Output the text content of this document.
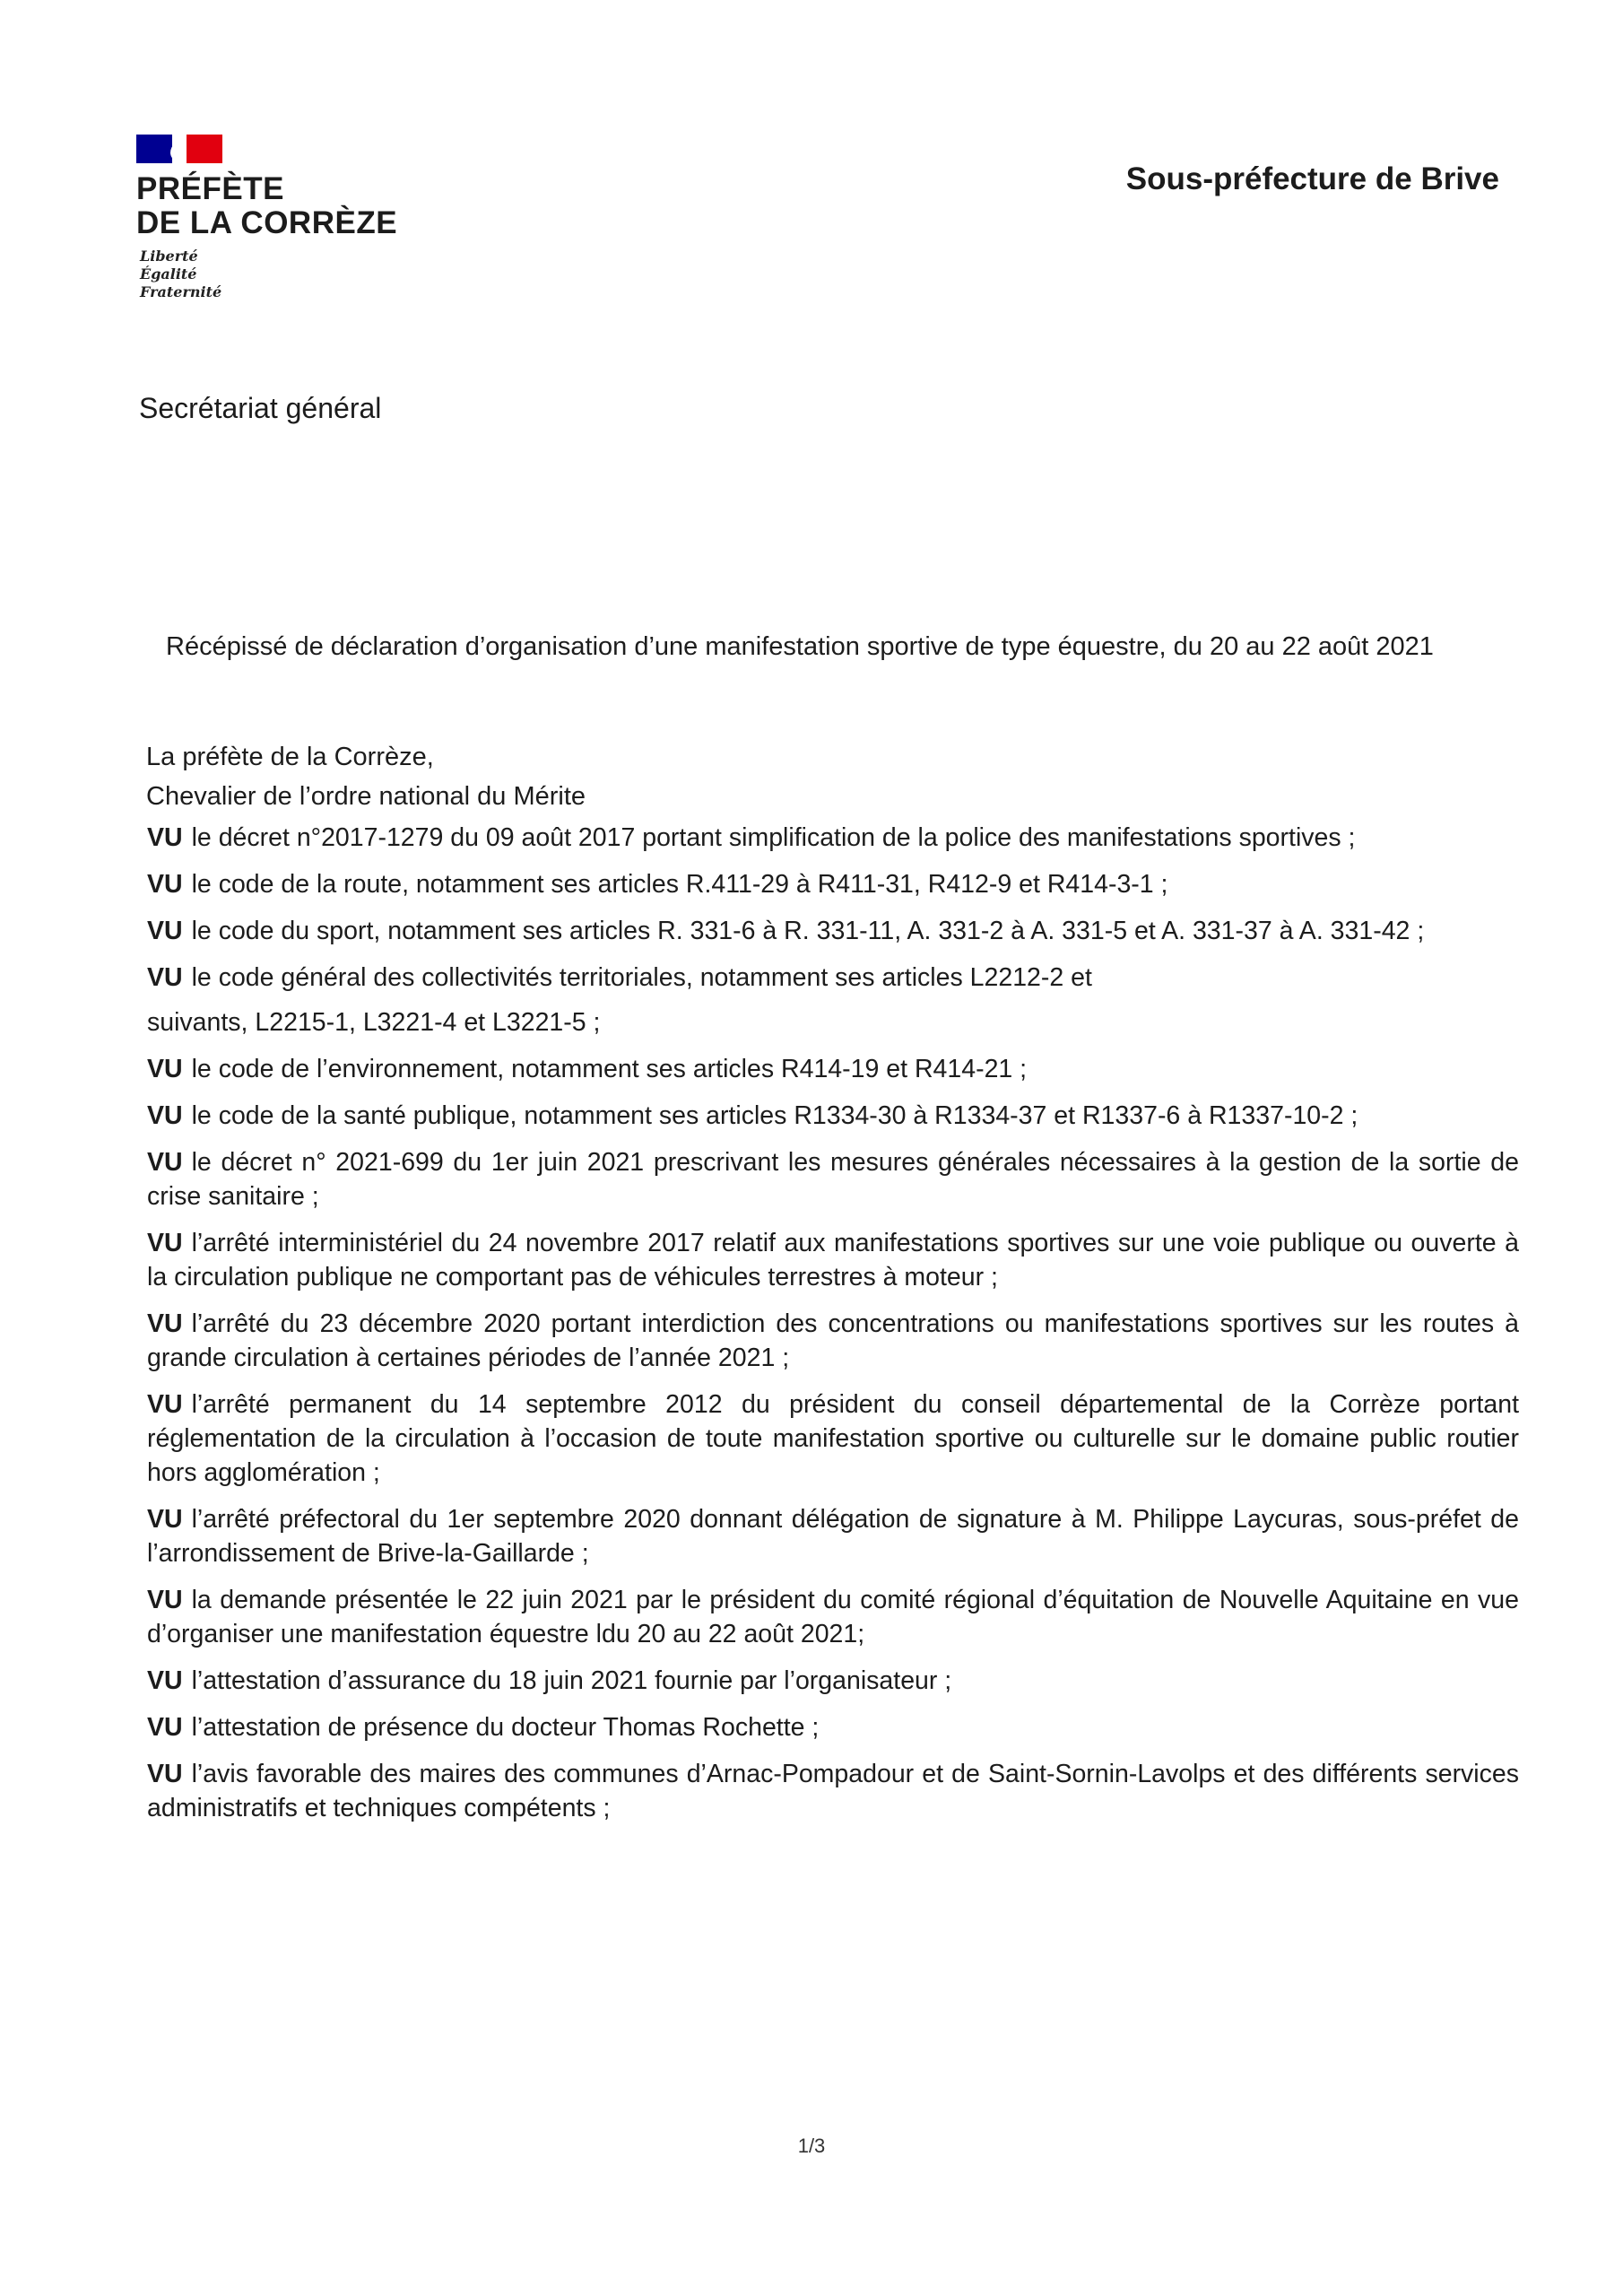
PRÉFÈTE
DE LA CORRÈZE
Liberté
Égalité
Fraternité
Sous-préfecture de Brive
Secrétariat général
Récépissé de déclaration d’organisation d’une manifestation sportive de type équestre, du 20 au 22 août 2021
La préfète de la Corrèze,
Chevalier de l’ordre national du Mérite
VU le décret n°2017-1279 du 09 août 2017 portant simplification de la police des manifestations sportives ;
VU le code de la route, notamment ses articles R.411-29 à R411-31, R412-9 et R414-3-1 ;
VU le code du sport, notamment ses articles R. 331-6 à R. 331-11, A. 331-2 à A. 331-5 et A. 331-37 à A. 331-42 ;
VU le code général des collectivités territoriales, notamment ses articles L2212-2 et
suivants, L2215-1, L3221-4 et L3221-5 ;
VU le code de l’environnement, notamment ses articles R414-19 et R414-21 ;
VU le code de la santé publique, notamment ses articles R1334-30 à R1334-37 et R1337-6 à R1337-10-2 ;
VU le décret n° 2021-699 du 1er juin 2021 prescrivant les mesures générales nécessaires à la gestion de la sortie de crise sanitaire ;
VU l’arrêté interministériel du 24 novembre 2017 relatif aux manifestations sportives sur une voie publique ou ouverte à la circulation publique ne comportant pas de véhicules terrestres à moteur ;
VU l’arrêté du 23 décembre 2020 portant interdiction des concentrations ou manifestations sportives sur les routes à grande circulation à certaines périodes de l’année 2021 ;
VU l’arrêté permanent du 14 septembre 2012 du président du conseil départemental de la Corrèze portant réglementation de la circulation à l’occasion de toute manifestation sportive ou culturelle sur le domaine public routier hors agglomération ;
VU l’arrêté préfectoral du 1er septembre 2020 donnant délégation de signature à M. Philippe Laycuras, sous-préfet de l’arrondissement de Brive-la-Gaillarde ;
VU la demande présentée le 22 juin 2021 par le président du comité régional d’équitation de Nouvelle Aquitaine en vue d’organiser une manifestation équestre ldu 20 au 22 août 2021;
VU l’attestation d’assurance du 18 juin 2021 fournie par l’organisateur ;
VU l’attestation de présence du docteur Thomas Rochette ;
VU l’avis favorable des maires des communes d’Arnac-Pompadour et de Saint-Sornin-Lavolps et des différents services administratifs et techniques compétents ;
1/3
